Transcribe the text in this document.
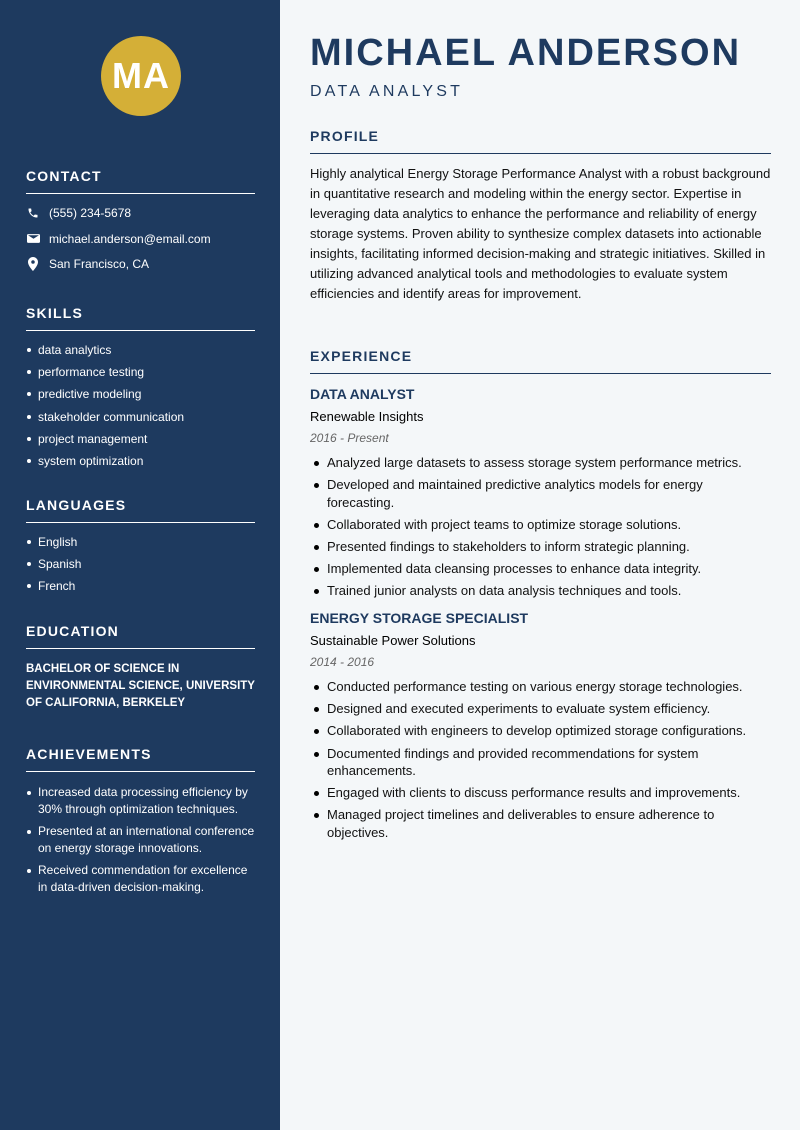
MA
CONTACT
(555) 234-5678
michael.anderson@email.com
San Francisco, CA
SKILLS
data analytics
performance testing
predictive modeling
stakeholder communication
project management
system optimization
LANGUAGES
English
Spanish
French
EDUCATION
BACHELOR OF SCIENCE IN ENVIRONMENTAL SCIENCE, UNIVERSITY OF CALIFORNIA, BERKELEY
ACHIEVEMENTS
Increased data processing efficiency by 30% through optimization techniques.
Presented at an international conference on energy storage innovations.
Received commendation for excellence in data-driven decision-making.
MICHAEL ANDERSON
DATA ANALYST
PROFILE

Highly analytical Energy Storage Performance Analyst with a robust background in quantitative research and modeling within the energy sector. Expertise in leveraging data analytics to enhance the performance and reliability of energy storage systems. Proven ability to synthesize complex datasets into actionable insights, facilitating informed decision-making and strategic initiatives. Skilled in utilizing advanced analytical tools and methodologies to evaluate system efficiencies and identify areas for improvement.

EXPERIENCE
DATA ANALYST
Renewable Insights
2016 - Present
Analyzed large datasets to assess storage system performance metrics.
Developed and maintained predictive analytics models for energy forecasting.
Collaborated with project teams to optimize storage solutions.
Presented findings to stakeholders to inform strategic planning.
Implemented data cleansing processes to enhance data integrity.
Trained junior analysts on data analysis techniques and tools.
ENERGY STORAGE SPECIALIST
Sustainable Power Solutions
2014 - 2016
Conducted performance testing on various energy storage technologies.
Designed and executed experiments to evaluate system efficiency.
Collaborated with engineers to develop optimized storage configurations.
Documented findings and provided recommendations for system enhancements.
Engaged with clients to discuss performance results and improvements.
Managed project timelines and deliverables to ensure adherence to objectives.
